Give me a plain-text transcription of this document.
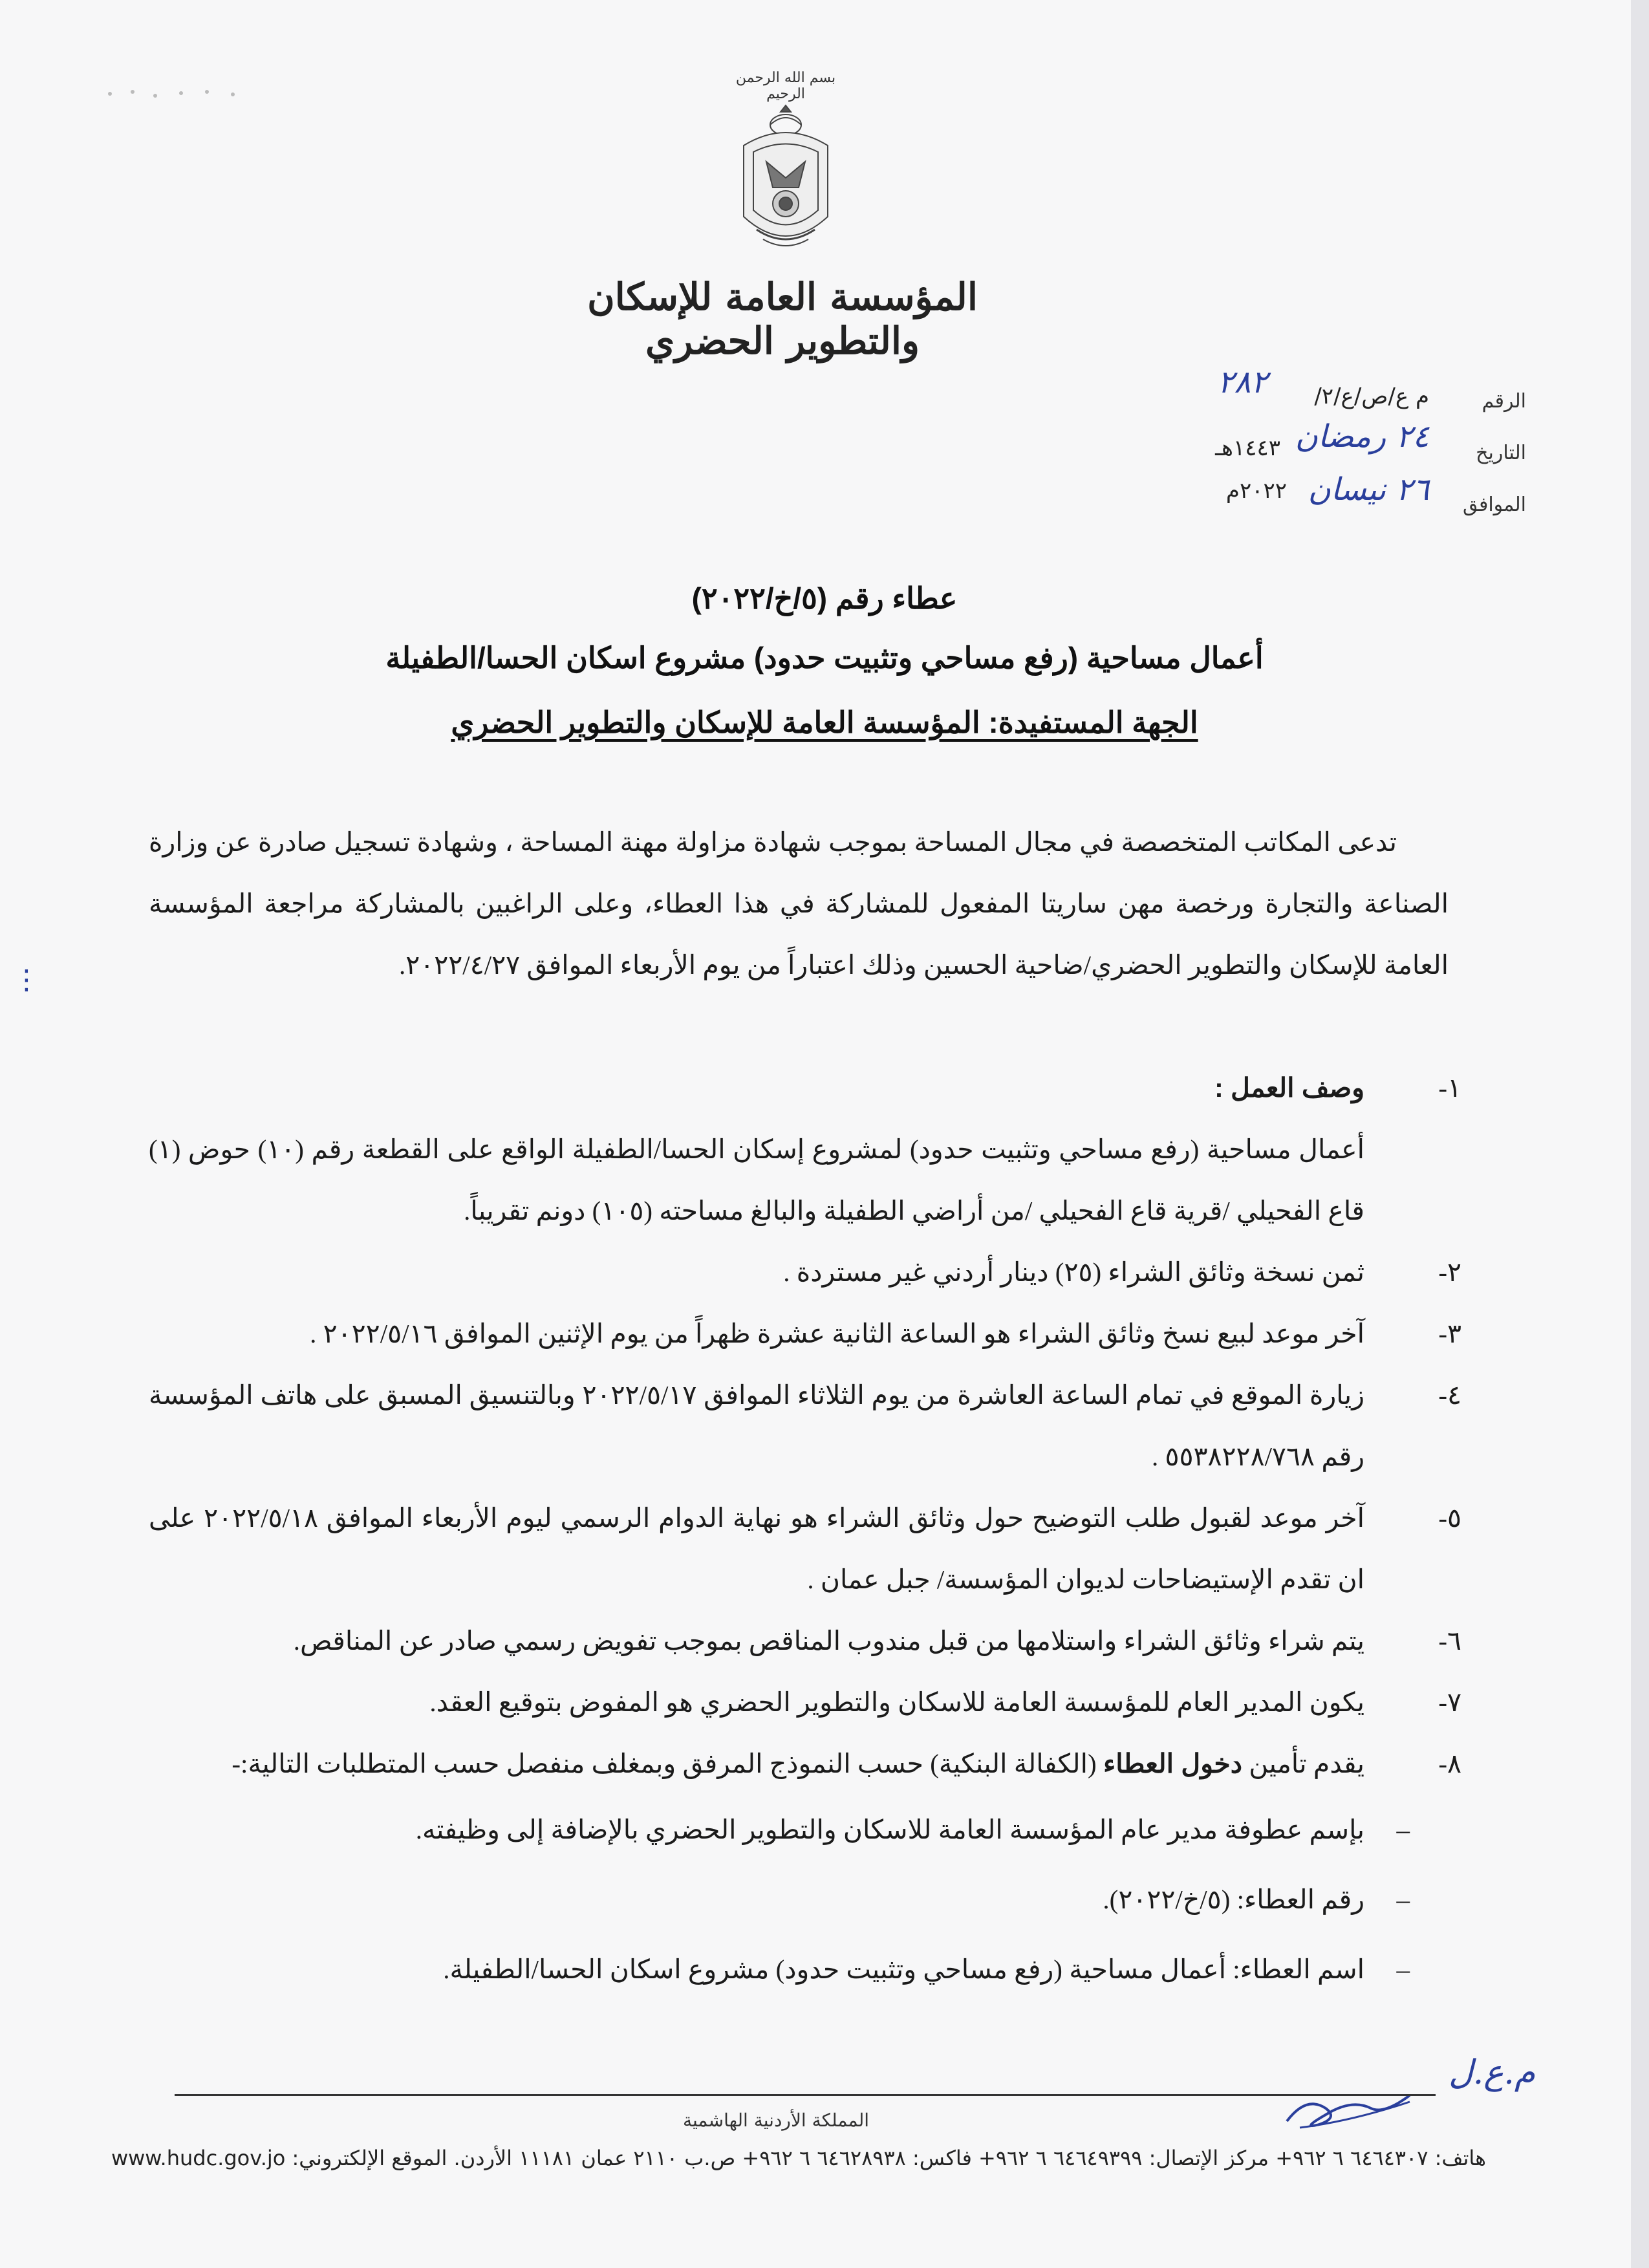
بسم الله الرحمن الرحيم
المؤسسة العامة للإسكان والتطوير الحضري
الرقم
م ع/ص/ع/٢/
٢٨٢
التاريخ
٢٤ رمضان
١٤٤٣هـ
الموافق
٢٦ نيسان
٢٠٢٢م
عطاء رقم (٥/خ/٢٠٢٢)
أعمال مساحية (رفع مساحي وتثبيت حدود) مشروع اسكان الحسا/الطفيلة
الجهة المستفيدة: المؤسسة العامة للإسكان والتطوير الحضري

تدعى المكاتب المتخصصة في مجال المساحة بموجب شهادة مزاولة مهنة المساحة ، وشهادة تسجيل صادرة عن وزارة الصناعة والتجارة ورخصة مهن ساريتا المفعول للمشاركة في هذا العطاء، وعلى الراغبين بالمشاركة مراجعة المؤسسة العامة للإسكان والتطوير الحضري/ضاحية الحسين وذلك اعتباراً من يوم الأربعاء الموافق ٢٠٢٢/٤/٢٧.

١-
وصف العمل :
أعمال مساحية (رفع مساحي وتثبيت حدود) لمشروع إسكان الحسا/الطفيلة الواقع على القطعة رقم (١٠) حوض (١) قاع الفحيلي /قرية قاع الفحيلي /من أراضي الطفيلة والبالغ مساحته (١٠٥) دونم تقريباً.
٢-
ثمن نسخة وثائق الشراء (٢٥) دينار أردني غير مستردة .
٣-
آخر موعد لبيع نسخ وثائق الشراء هو الساعة الثانية عشرة ظهراً من يوم الإثنين الموافق ٢٠٢٢/٥/١٦ .
٤-
زيارة الموقع في تمام الساعة العاشرة من يوم الثلاثاء الموافق ٢٠٢٢/٥/١٧ وبالتنسيق المسبق على هاتف المؤسسة رقم ٥٥٣٨٢٢٨/٧٦٨ .
٥-
آخر موعد لقبول طلب التوضيح حول وثائق الشراء هو نهاية الدوام الرسمي ليوم الأربعاء الموافق ٢٠٢٢/٥/١٨ على ان تقدم الإستيضاحات لديوان المؤسسة/ جبل عمان .
٦-
يتم شراء وثائق الشراء واستلامها من قبل مندوب المناقص بموجب تفويض رسمي صادر عن المناقص.
٧-
يكون المدير العام للمؤسسة العامة للاسكان والتطوير الحضري هو المفوض بتوقيع العقد.
٨-
يقدم تأمين دخول العطاء (الكفالة البنكية) حسب النموذج المرفق وبمغلف منفصل حسب المتطلبات التالية:-
–
بإسم عطوفة مدير عام المؤسسة العامة للاسكان والتطوير الحضري بالإضافة إلى وظيفته.
–
رقم العطاء: (٥/خ/٢٠٢٢).
–
اسم العطاء: أعمال مساحية (رفع مساحي وتثبيت حدود) مشروع اسكان الحسا/الطفيلة.
⋮
م.ع.ل
المملكة الأردنية الهاشمية
هاتف: ٦٤٦٤٣٠٧ ٦ ٩٦٢+ مركز الإتصال: ٦٤٦٤٩٣٩٩ ٦ ٩٦٢+ فاكس: ٦٤٦٢٨٩٣٨ ٦ ٩٦٢+ ص.ب ٢١١٠ عمان ١١١٨١ الأردن. الموقع الإلكتروني: www.hudc.gov.jo
